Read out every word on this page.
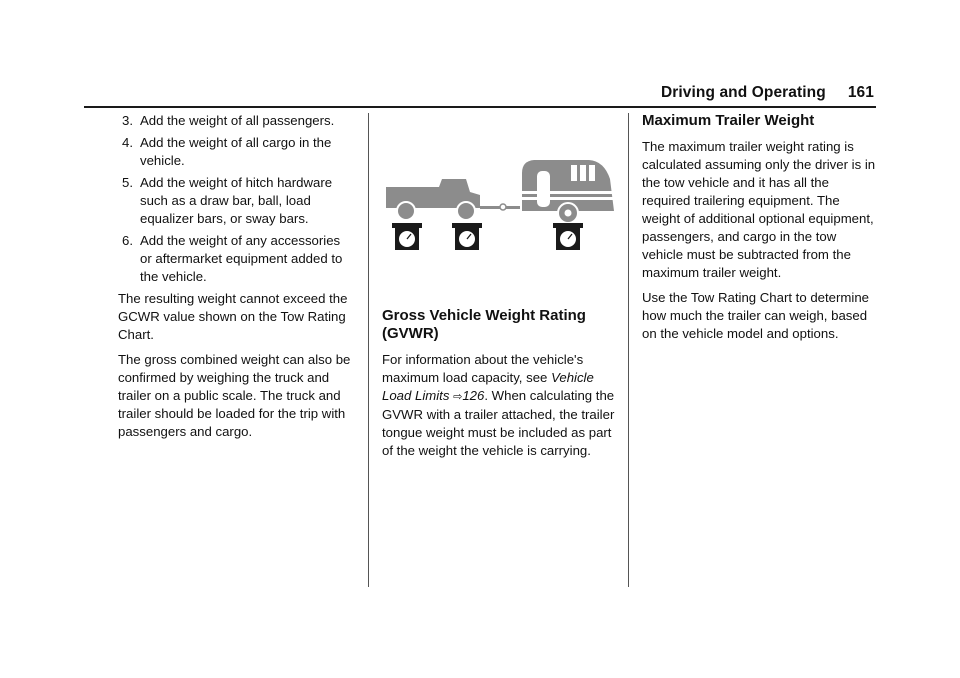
Driving and Operating 161
3. Add the weight of all passengers.
4. Add the weight of all cargo in the vehicle.
5. Add the weight of hitch hardware such as a draw bar, ball, load equalizer bars, or sway bars.
6. Add the weight of any accessories or aftermarket equipment added to the vehicle.

The resulting weight cannot exceed the GCWR value shown on the Tow Rating Chart.

The gross combined weight can also be confirmed by weighing the truck and trailer on a public scale. The truck and trailer should be loaded for the trip with passengers and cargo.

Gross Vehicle Weight Rating (GVWR)

For information about the vehicle's maximum load capacity, see Vehicle Load Limits ⇨126. When calculating the GVWR with a trailer attached, the trailer tongue weight must be included as part of the weight the vehicle is carrying.

Maximum Trailer Weight

The maximum trailer weight rating is calculated assuming only the driver is in the tow vehicle and it has all the required trailering equipment. The weight of additional optional equipment, passengers, and cargo in the tow vehicle must be subtracted from the maximum trailer weight.

Use the Tow Rating Chart to determine how much the trailer can weigh, based on the vehicle model and options.
